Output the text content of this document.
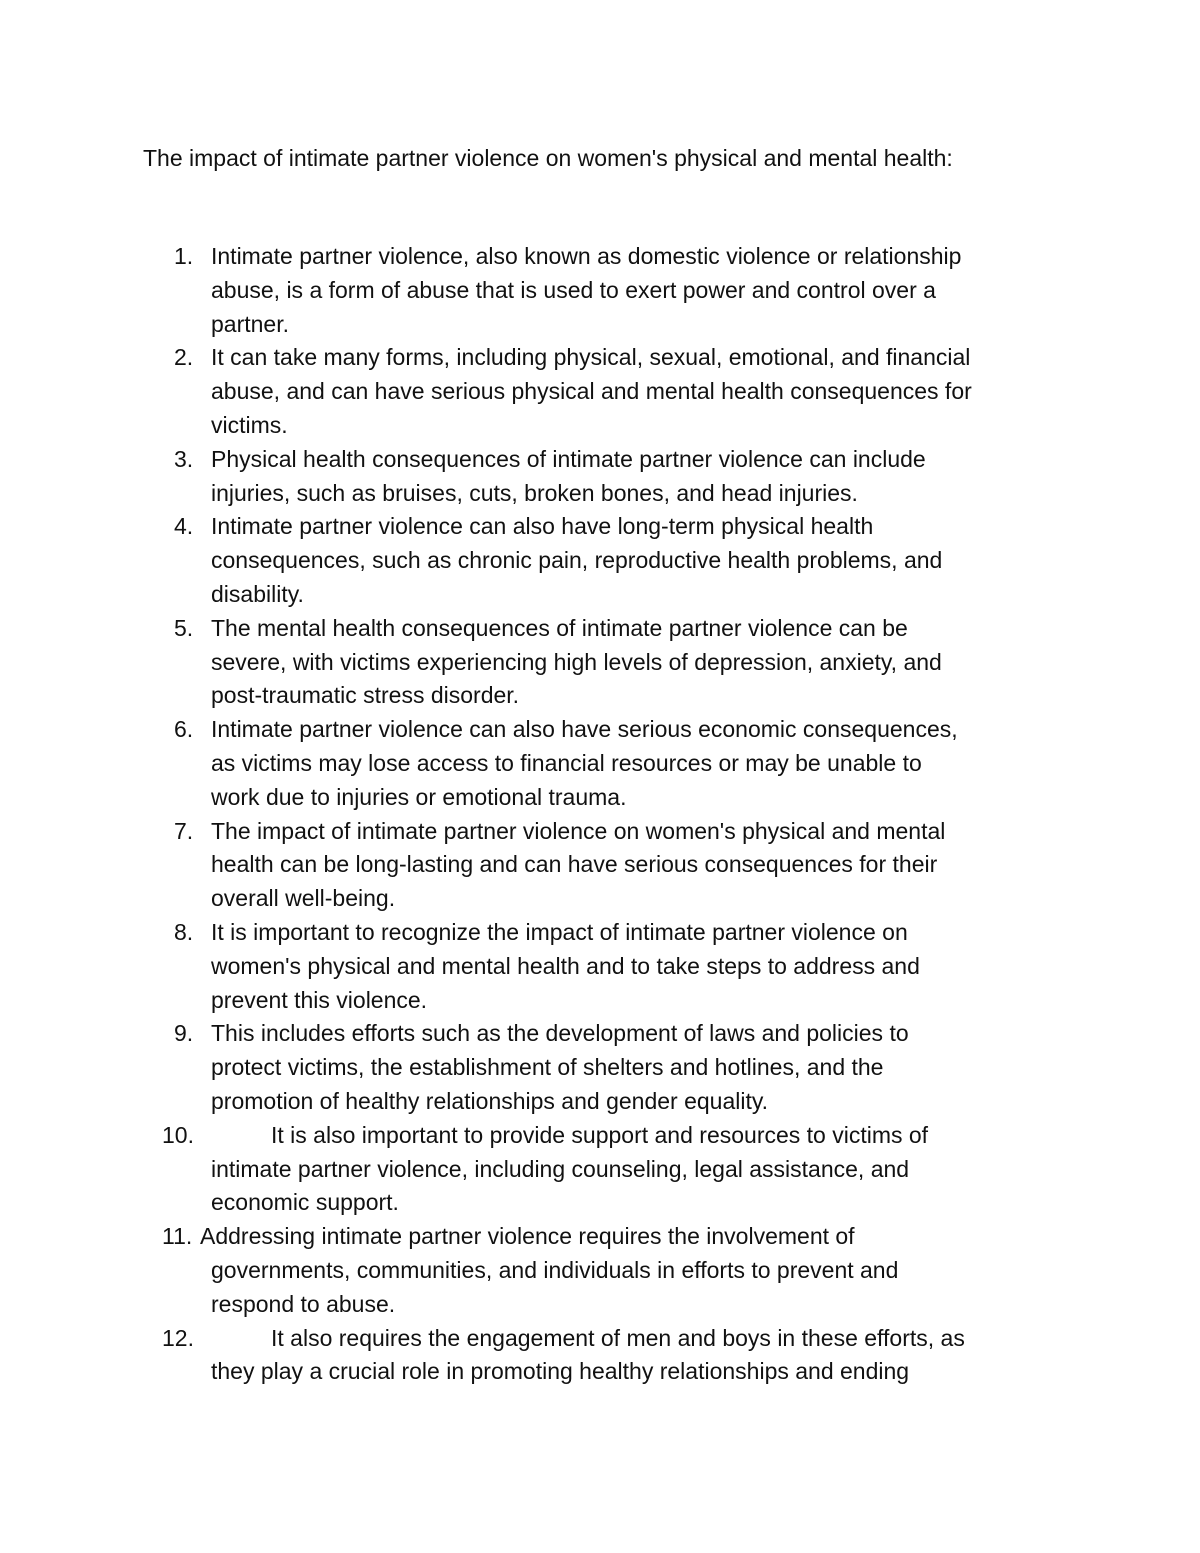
The impact of intimate partner violence on women's physical and mental health:
1. Intimate partner violence, also known as domestic violence or relationship
abuse, is a form of abuse that is used to exert power and control over a
partner.
2. It can take many forms, including physical, sexual, emotional, and financial
abuse, and can have serious physical and mental health consequences for
victims.
3. Physical health consequences of intimate partner violence can include
injuries, such as bruises, cuts, broken bones, and head injuries.
4. Intimate partner violence can also have long-term physical health
consequences, such as chronic pain, reproductive health problems, and
disability.
5. The mental health consequences of intimate partner violence can be
severe, with victims experiencing high levels of depression, anxiety, and
post-traumatic stress disorder.
6. Intimate partner violence can also have serious economic consequences,
as victims may lose access to financial resources or may be unable to
work due to injuries or emotional trauma.
7. The impact of intimate partner violence on women's physical and mental
health can be long-lasting and can have serious consequences for their
overall well-being.
8. It is important to recognize the impact of intimate partner violence on
women's physical and mental health and to take steps to address and
prevent this violence.
9. This includes efforts such as the development of laws and policies to
protect victims, the establishment of shelters and hotlines, and the
promotion of healthy relationships and gender equality.
10.	It is also important to provide support and resources to victims of
intimate partner violence, including counseling, legal assistance, and
economic support.
11. Addressing intimate partner violence requires the involvement of
governments, communities, and individuals in efforts to prevent and
respond to abuse.
12.	It also requires the engagement of men and boys in these efforts, as
they play a crucial role in promoting healthy relationships and ending
